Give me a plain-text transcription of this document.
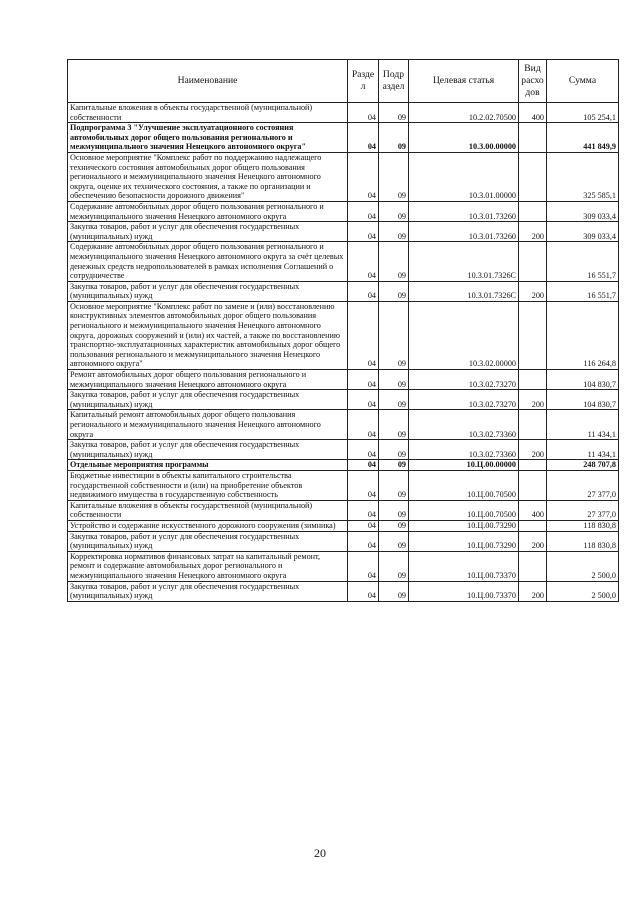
Наименование	Разде л	Подр аздел	Целевая статья	Вид расхо дов	Сумма
Капитальные вложения в объекты государственной (муниципальной) собственности	04	09	10.2.02.70500	400	105 254,1
Подпрограмма 3 "Улучшение эксплуатационного состояния автомобильных дорог общего пользования регионального и межмуниципального значения Ненецкого автономного округа"	04	09	10.3.00.00000		441 849,9
Основное мероприятие "Комплекс работ по поддержанию надлежащего технического состояния автомобильных дорог общего пользования регионального и межмуниципального значения Ненецкого автономного округа, оценке их технического состояния, а также по организации и обеспечению безопасности дорожного движения"	04	09	10.3.01.00000		325 585,1
Содержание автомобильных дорог общего пользования регионального и межмуниципального значения Ненецкого автономного округа	04	09	10.3.01.73260		309 033,4
Закупка товаров, работ и услуг для обеспечения государственных (муниципальных) нужд	04	09	10.3.01.73260	200	309 033,4
Содержание автомобильных дорог общего пользования регионального и межмуниципального значения Ненецкого автономного округа за счёт целевых денежных средств недропользователей в рамках исполнения Соглашений о сотрудничестве	04	09	10.3.01.7326C		16 551,7
Закупка товаров, работ и услуг для обеспечения государственных (муниципальных) нужд	04	09	10.3.01.7326C	200	16 551,7
Основное мероприятие "Комплекс работ по замене и (или) восстановлению конструктивных элементов автомобильных дорог общего пользования регионального и межмуниципального значения Ненецкого автономного округа, дорожных сооружений и (или) их частей, а также по восстановлению транспортно-эксплуатационных характеристик автомобильных дорог общего пользования регионального и межмуниципального значения Ненецкого автономного округа"	04	09	10.3.02.00000		116 264,8
Ремонт автомобильных дорог общего пользования регионального и межмуниципального значения Ненецкого автономного округа	04	09	10.3.02.73270		104 830,7
Закупка товаров, работ и услуг для обеспечения государственных (муниципальных) нужд	04	09	10.3.02.73270	200	104 830,7
Капитальный ремонт автомобильных дорог общего пользования регионального и межмуниципального значения Ненецкого автономного округа	04	09	10.3.02.73360		11 434,1
Закупка товаров, работ и услуг для обеспечения государственных (муниципальных) нужд	04	09	10.3.02.73360	200	11 434,1
Отдельные мероприятия программы	04	09	10.Ц.00.00000		248 707,8
Бюджетные инвестиции в объекты капитального строительства государственной собственности и (или) на приобретение объектов недвижимого имущества в государственную собственность	04	09	10.Ц.00.70500		27 377,0
Капитальные вложения в объекты государственной (муниципальной) собственности	04	09	10.Ц.00.70500	400	27 377,0
Устройство и содержание искусственного дорожного сооружения (зимника)	04	09	10.Ц.00.73290		118 830,8
Закупка товаров, работ и услуг для обеспечения государственных (муниципальных) нужд	04	09	10.Ц.00.73290	200	118 830,8
Корректировка нормативов финансовых затрат на капитальный ремонт, ремонт и содержание автомобильных дорог регионального и межмуниципального значения Ненецкого автономного округа	04	09	10.Ц.00.73370		2 500,0
Закупка товаров, работ и услуг для обеспечения государственных (муниципальных) нужд	04	09	10.Ц.00.73370	200	2 500,0
20
